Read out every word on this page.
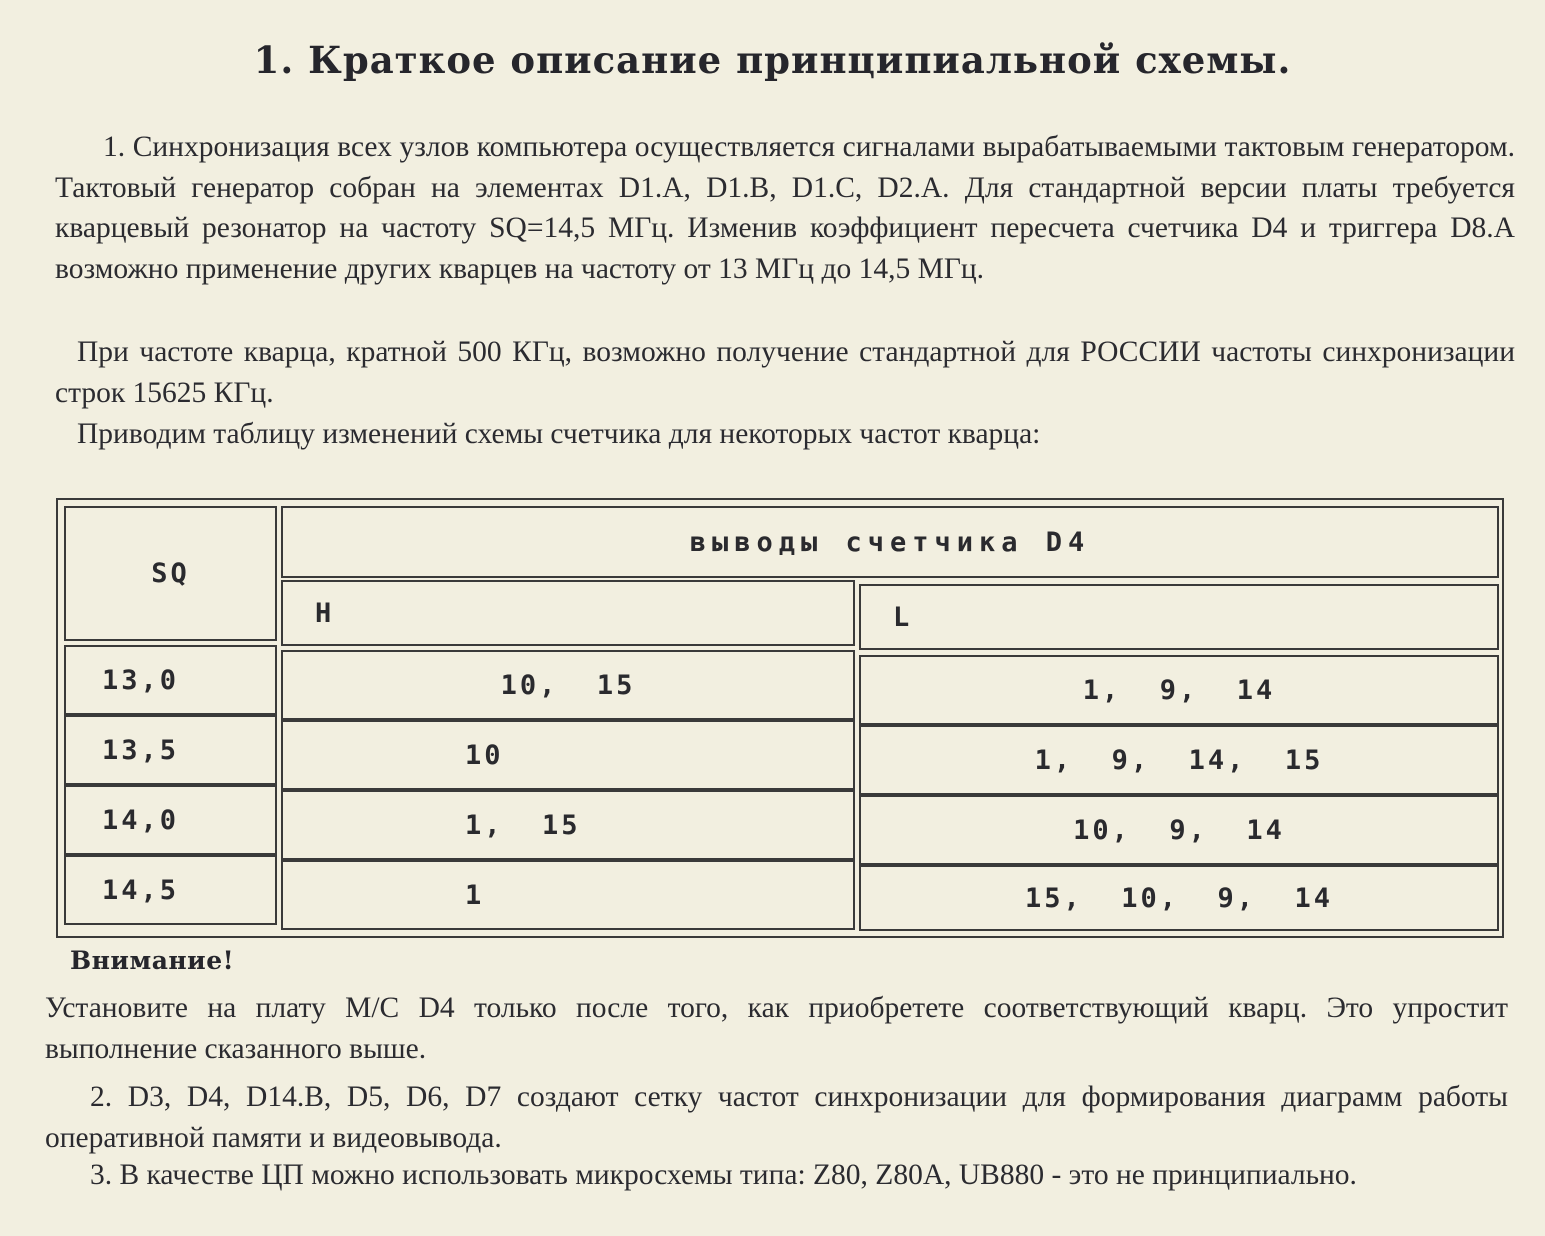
1. Краткое описание принципиальной схемы.

1. Синхронизация всех узлов компьютера осуществляется сигналами вырабатываемыми тактовым генератором. Тактовый генератор собран на элементах D1.A, D1.B, D1.C, D2.A. Для стандартной версии платы требуется кварцевый резонатор на частоту SQ=14,5 МГц. Изменив коэффициент пересчета счетчика D4 и триггера D8.A возможно применение других кварцев на частоту от 13 МГц до 14,5 МГц.

При частоте кварца, кратной 500 КГц, возможно получение стандартной для РОССИИ частоты синхронизации строк 15625 КГц.

Приводим таблицу изменений схемы счетчика для некоторых частот кварца:

SQ
выводы счетчика D4
H	L
13,0	10,  15	1,  9,  14
13,5	10	1,  9,  14,  15
14,0	1,  15	10,  9,  14
14,5	1	15,  10,  9,  14

Внимание!

Установите на плату М/С D4 только после того, как приобретете соответствующий кварц. Это упростит выполнение сказанного выше.

2. D3, D4, D14.B, D5, D6, D7 создают сетку частот синхронизации для формирования диаграмм работы оперативной памяти и видеовывода.

3. В качестве ЦП можно использовать микросхемы типа: Z80, Z80A, UB880 - это не принципиально.
